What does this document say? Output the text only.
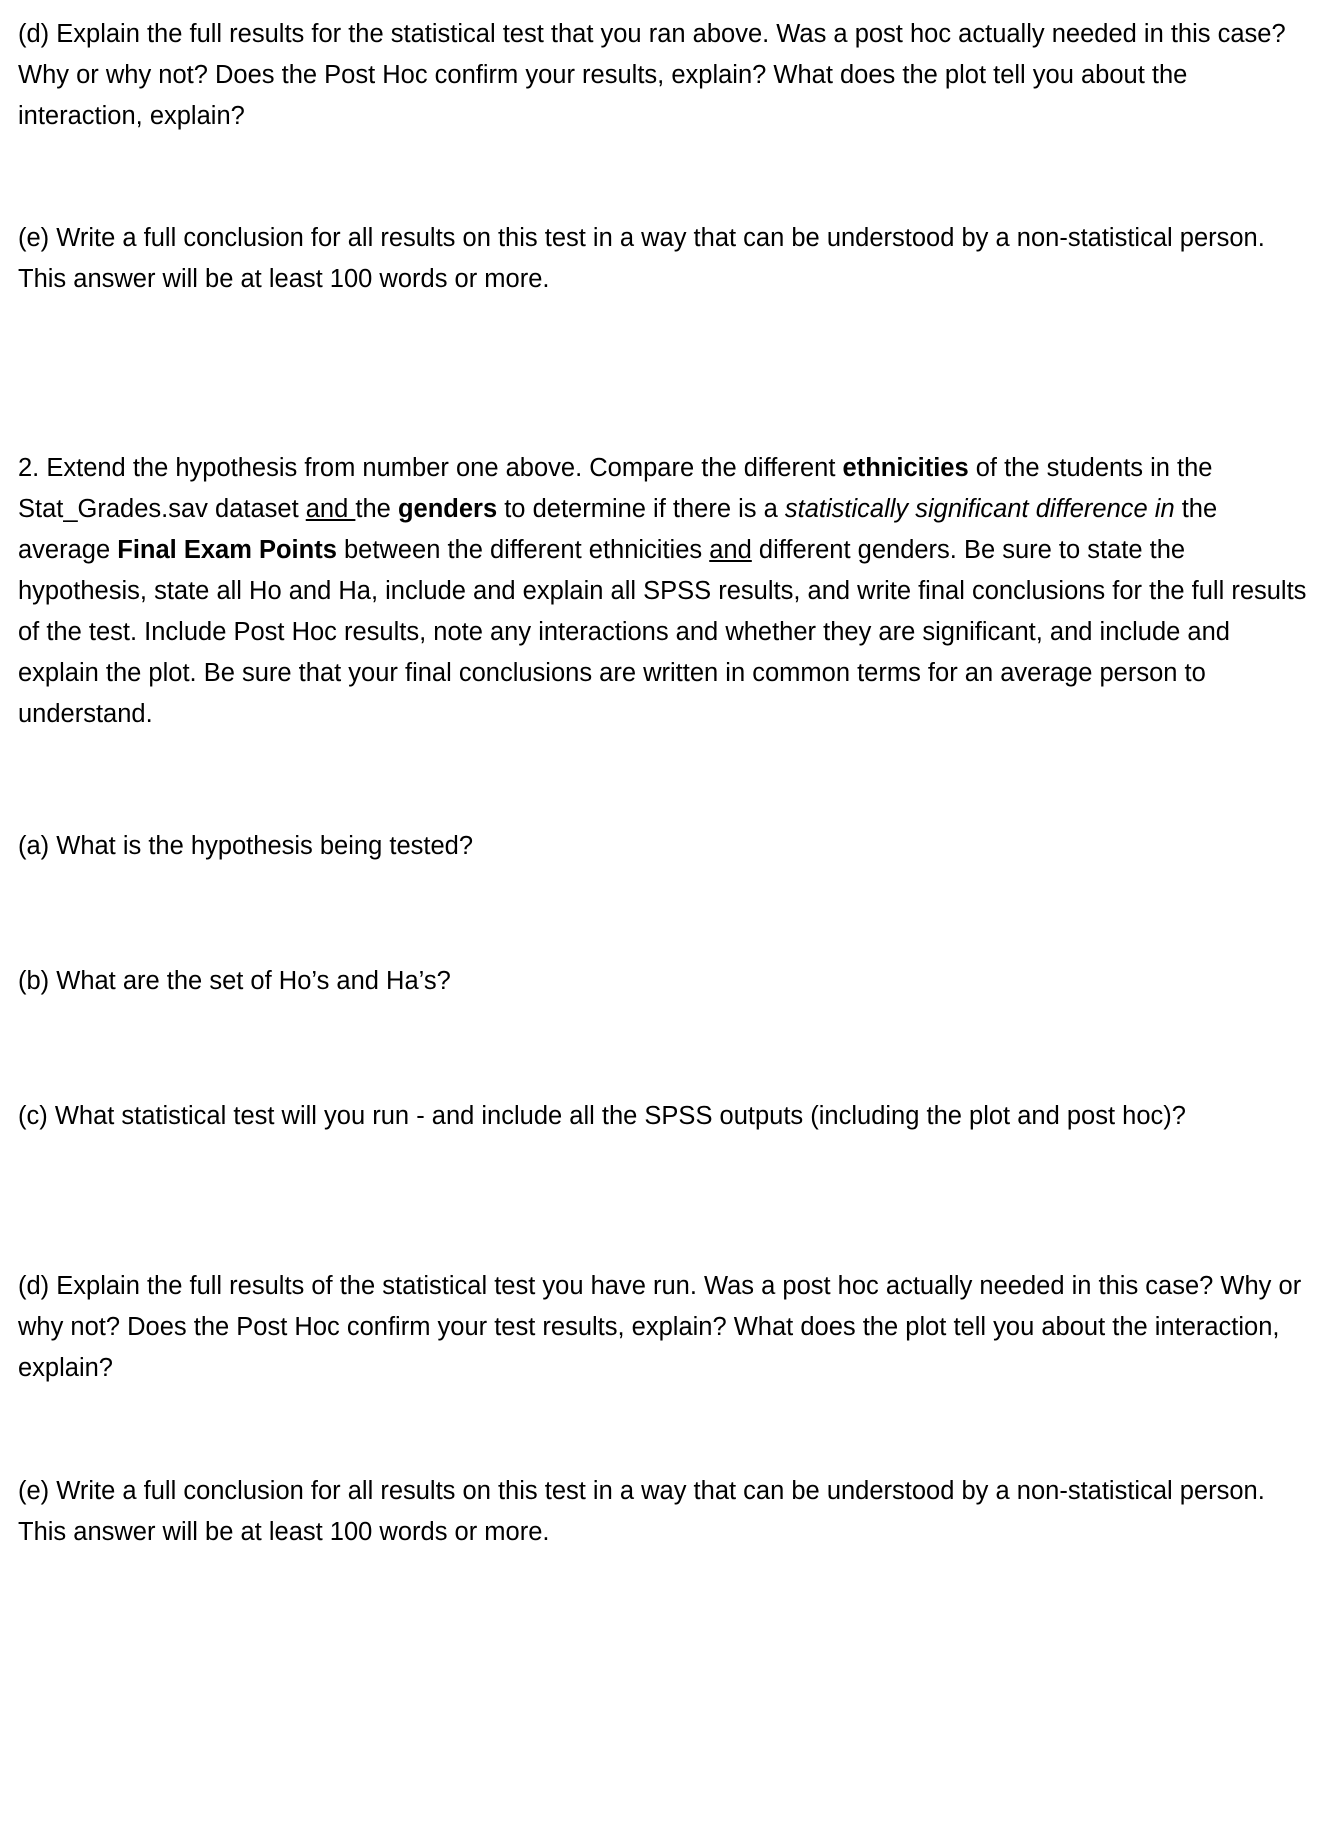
(d) Explain the full results for the statistical test that you ran above. Was a post hoc actually needed in this case? Why or why not? Does the Post Hoc confirm your results, explain? What does the plot tell you about the interaction, explain?

(e) Write a full conclusion for all results on this test in a way that can be understood by a non-statistical person. This answer will be at least 100 words or more.

2. Extend the hypothesis from number one above. Compare the different ethnicities of the students in the Stat_Grades.sav dataset and the genders to determine if there is a statistically significant difference in the average Final Exam Points between the different ethnicities and different genders. Be sure to state the hypothesis, state all Ho and Ha, include and explain all SPSS results, and write final conclusions for the full results of the test. Include Post Hoc results, note any interactions and whether they are significant, and include and explain the plot. Be sure that your final conclusions are written in common terms for an average person to understand.

(a) What is the hypothesis being tested?

(b) What are the set of Ho’s and Ha’s?

(c) What statistical test will you run - and include all the SPSS outputs (including the plot and post hoc)?

(d) Explain the full results of the statistical test you have run. Was a post hoc actually needed in this case? Why or why not? Does the Post Hoc confirm your test results, explain? What does the plot tell you about the interaction, explain?

(e) Write a full conclusion for all results on this test in a way that can be understood by a non-statistical person. This answer will be at least 100 words or more.
